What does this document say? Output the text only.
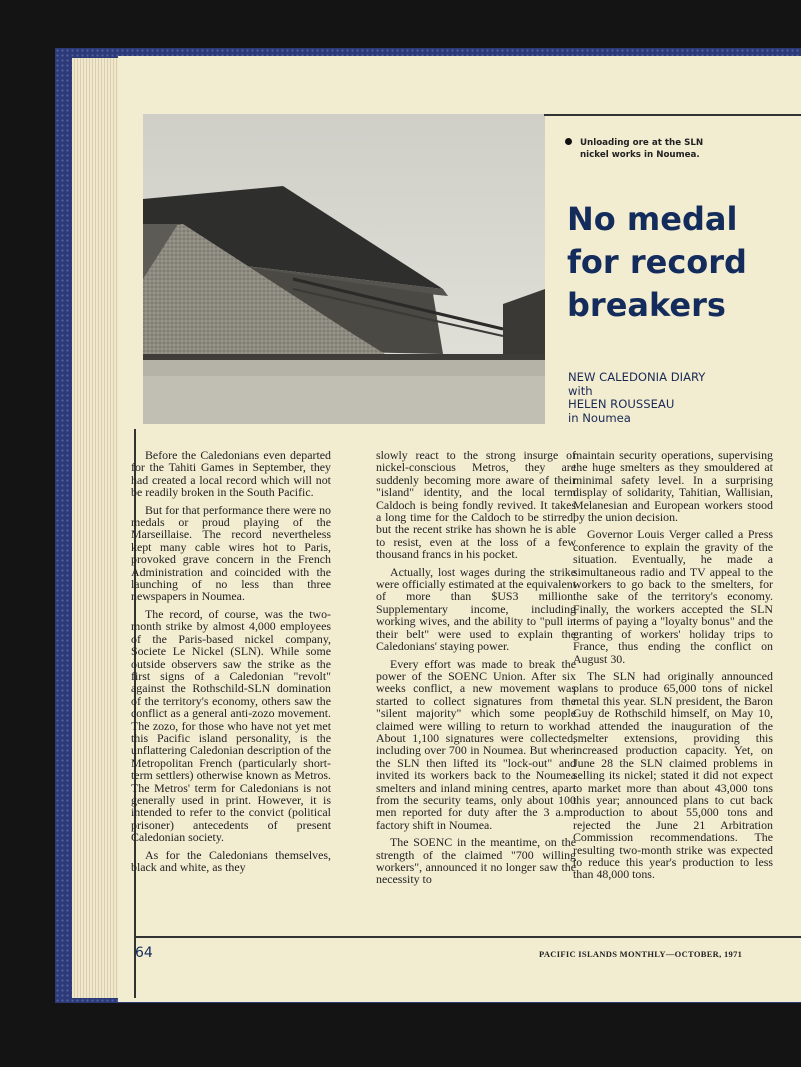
Unloading ore at the SLN
nickel works in Noumea.
No medal
for record
breakers
NEW CALEDONIA DIARY
with
HELEN ROUSSEAU
in Noumea

Before the Caledonians even departed for the Tahiti Games in September, they had created a local record which will not be readily broken in the South Pacific.

But for that performance there were no medals or proud playing of the Marseillaise. The record nevertheless kept many cable wires hot to Paris, provoked grave concern in the French Administration and coincided with the launching of no less than three newspapers in Noumea.

The record, of course, was the two-month strike by almost 4,000 employees of the Paris-based nickel company, Societe Le Nickel (SLN). While some outside observers saw the strike as the first signs of a Caledonian "revolt" against the Rothschild-SLN domination of the territory's economy, others saw the conflict as a general anti-zozo movement. The zozo, for those who have not yet met this Pacific island personality, is the unflattering Caledonian description of the Metropolitan French (particularly short-term settlers) otherwise known as Metros. The Metros' term for Caledonians is not generally used in print. However, it is intended to refer to the convict (political prisoner) antecedents of present Caledonian society.

As for the Caledonians themselves, black and white, as they

slowly react to the strong insurge of nickel-conscious Metros, they are suddenly becoming more aware of their "island" identity, and the local term Caldoch is being fondly revived. It takes a long time for the Caldoch to be stirred, but the recent strike has shown he is able to resist, even at the loss of a few thousand francs in his pocket.

Actually, lost wages during the strike were officially estimated at the equivalent of more than $US3 million. Supplementary income, including working wives, and the ability to "pull in their belt" were used to explain the Caledonians' staying power.

Every effort was made to break the power of the SOENC Union. After six weeks conflict, a new movement was started to collect signatures from the "silent majority" which some people claimed were willing to return to work. About 1,100 signatures were collected, including over 700 in Noumea. But when the SLN then lifted its "lock-out" and invited its workers back to the Noumea smelters and inland mining centres, apart from the security teams, only about 100 men reported for duty after the 3 a.m. factory shift in Noumea.

The SOENC in the meantime, on the strength of the claimed "700 willing workers", announced it no longer saw the necessity to

maintain security operations, supervising the huge smelters as they smouldered at minimal safety level. In a surprising display of solidarity, Tahitian, Wallisian, Melanesian and European workers stood by the union decision.

Governor Louis Verger called a Press conference to explain the gravity of the situation. Eventually, he made a simultaneous radio and TV appeal to the workers to go back to the smelters, for the sake of the territory's economy. Finally, the workers accepted the SLN terms of paying a "loyalty bonus" and the granting of workers' holiday trips to France, thus ending the conflict on August 30.

The SLN had originally announced plans to produce 65,000 tons of nickel metal this year. SLN president, the Baron Guy de Rothschild himself, on May 10, had attended the inauguration of the smelter extensions, providing this increased production capacity. Yet, on June 28 the SLN claimed problems in selling its nickel; stated it did not expect to market more than about 43,000 tons this year; announced plans to cut back production to about 55,000 tons and rejected the June 21 Arbitration Commission recommendations. The resulting two-month strike was expected to reduce this year's production to less than 48,000 tons.

64	PACIFIC ISLANDS MONTHLY—OCTOBER, 1971
